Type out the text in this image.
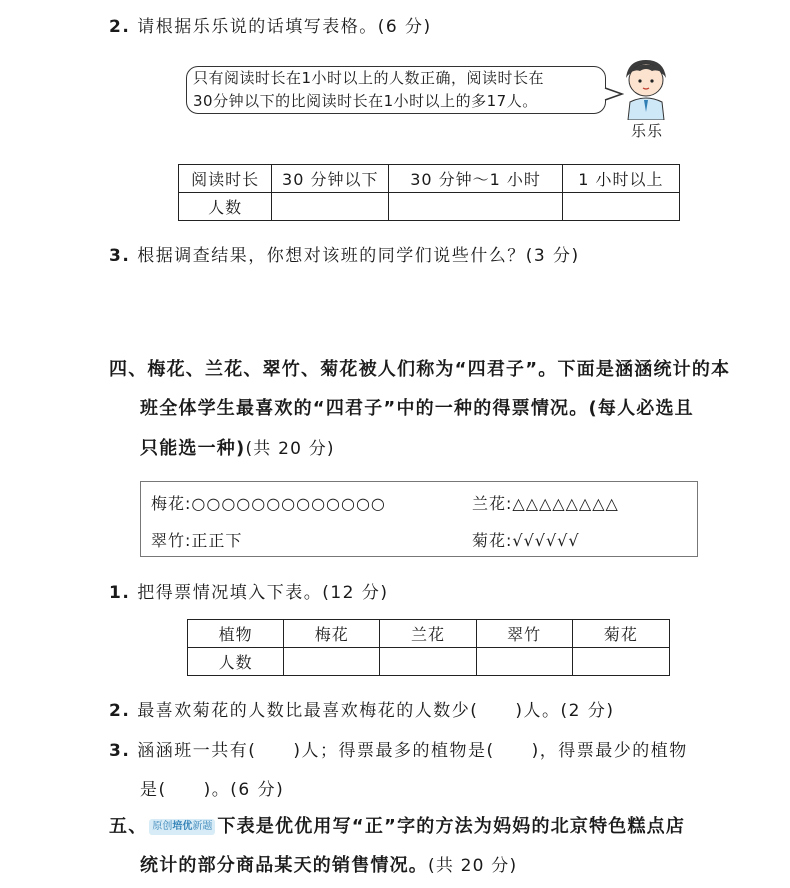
2. 请根据乐乐说的话填写表格。(6 分)
只有阅读时长在1小时以上的人数正确，阅读时长在
30分钟以下的比阅读时长在1小时以上的多17人。
乐乐
阅读时长	30 分钟以下	30 分钟～1 小时	1 小时以上
人数			
3. 根据调查结果，你想对该班的同学们说些什么？(3 分)
四、梅花、兰花、翠竹、菊花被人们称为“四君子”。下面是涵涵统计的本
班全体学生最喜欢的“四君子”中的一种的得票情况。(每人必选且
只能选一种)(共 20 分)
梅花:○○○○○○○○○○○○○	兰花:△△△△△△△△
翠竹:正正下	菊花:√√√√√√
1. 把得票情况填入下表。(12 分)
植物	梅花	兰花	翠竹	菊花
人数				
2. 最喜欢菊花的人数比最喜欢梅花的人数少(　　)人。(2 分)
3. 涵涵班一共有(　　)人；得票最多的植物是(　　)，得票最少的植物
是(　　)。(6 分)
五、 原创培优新题 下表是优优用写“正”字的方法为妈妈的北京特色糕点店
统计的部分商品某天的销售情况。(共 20 分)
